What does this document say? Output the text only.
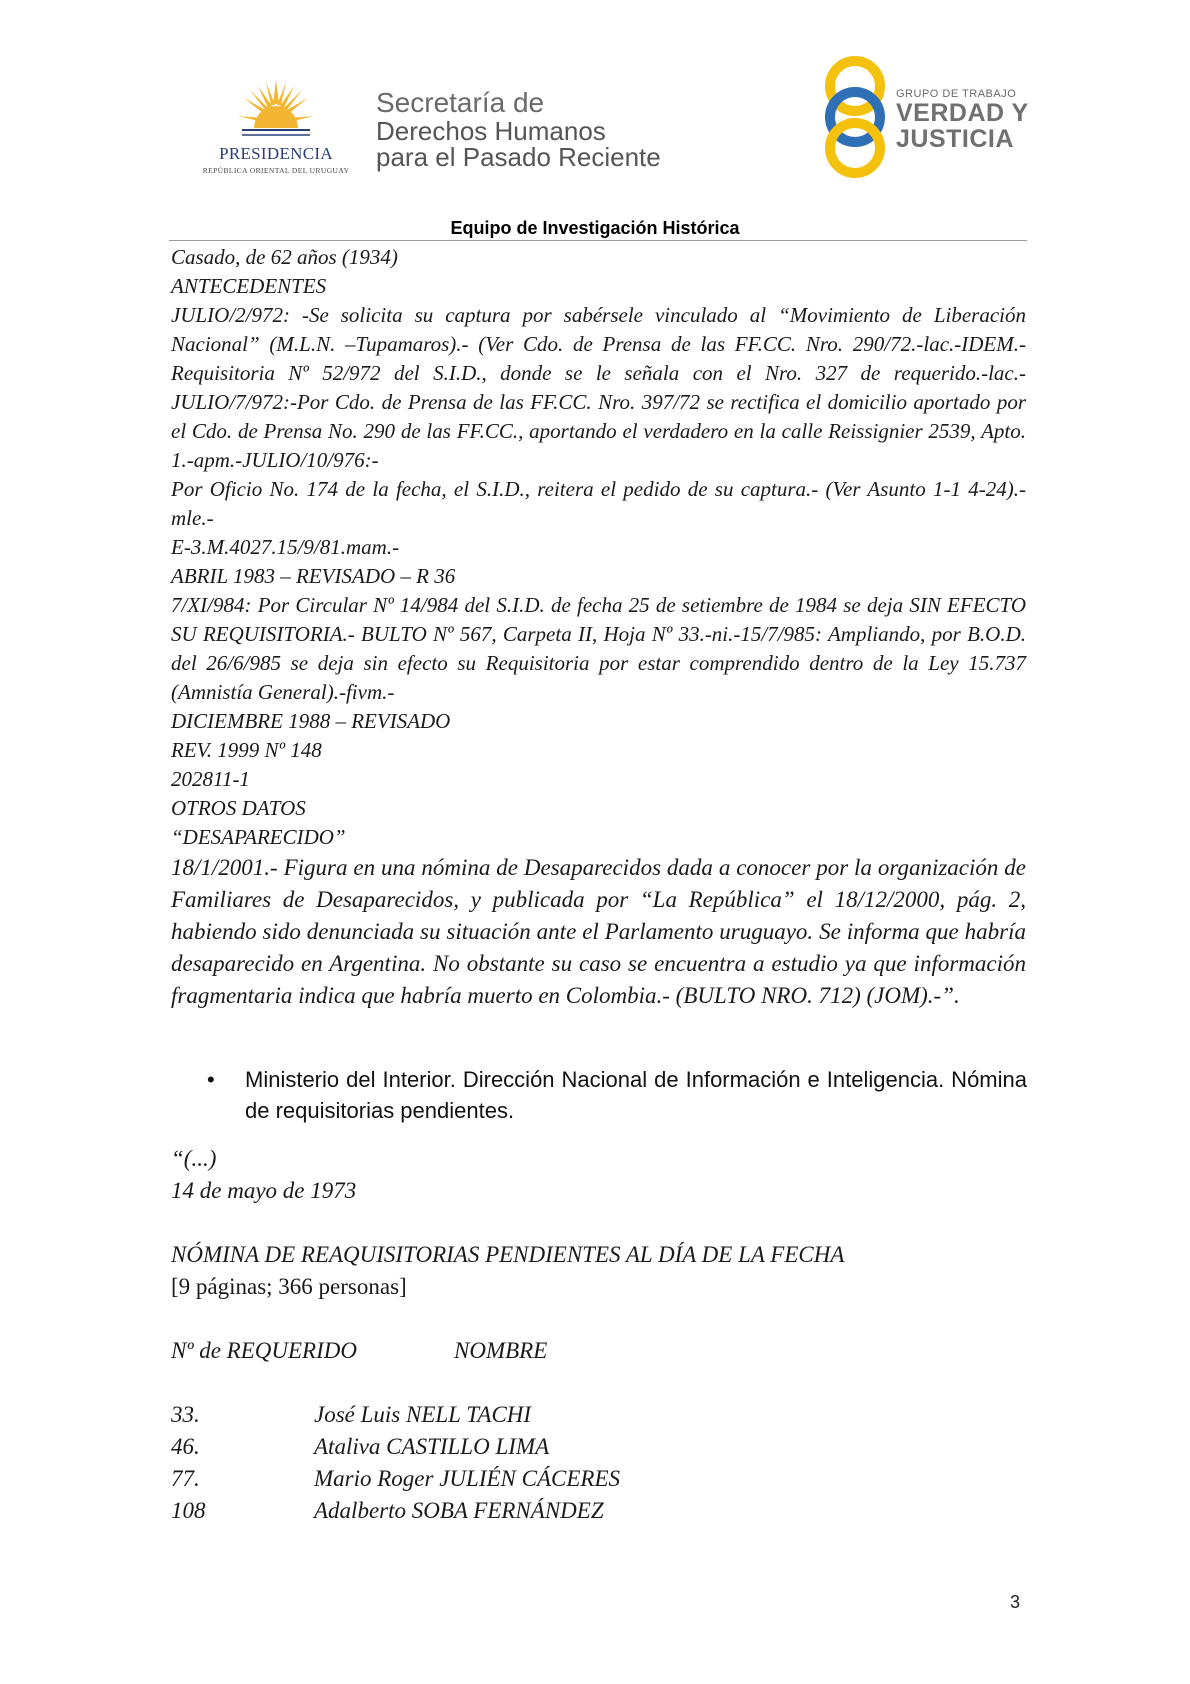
PRESIDENCIA
REPÚBLICA ORIENTAL DEL URUGUAY
Secretaría de
Derechos Humanos
para el Pasado Reciente
GRUPO DE TRABAJO
VERDAD Y
JUSTICIA
Equipo de Investigación Histórica

Casado, de 62 años (1934)

ANTECEDENTES

JULIO/2/972: -Se solicita su captura por sabérsele vinculado al “Movimiento de Liberación Nacional” (M.L.N. –Tupamaros).- (Ver Cdo. de Prensa de las FF.CC. Nro. 290/72.-lac.-IDEM.- Requisitoria Nº 52/972 del S.I.D., donde se le señala con el Nro. 327 de requerido.-lac.- JULIO/7/972:-Por Cdo. de Prensa de las FF.CC. Nro. 397/72 se rectifica el domicilio aportado por el Cdo. de Prensa No. 290 de las FF.CC., aportando el verdadero en la calle Reissignier 2539, Apto. 1.-apm.-JULIO/10/976:-

Por Oficio No. 174 de la fecha, el S.I.D., reitera el pedido de su captura.- (Ver Asunto 1-1 4-24).-mle.-

E-3.M.4027.15/9/81.mam.-

ABRIL 1983 – REVISADO – R 36

7/XI/984: Por Circular Nº 14/984 del S.I.D. de fecha 25 de setiembre de 1984 se deja SIN EFECTO SU REQUISITORIA.- BULTO Nº 567, Carpeta II, Hoja Nº 33.-ni.-15/7/985: Ampliando, por B.O.D. del 26/6/985 se deja sin efecto su Requisitoria por estar comprendido dentro de la Ley 15.737 (Amnistía General).-fivm.-

DICIEMBRE 1988 – REVISADO

REV. 1999 Nº 148

202811-1

OTROS DATOS

“DESAPARECIDO”

18/1/2001.- Figura en una nómina de Desaparecidos dada a conocer por la organización de Familiares de Desaparecidos, y publicada por “La República” el 18/12/2000, pág. 2, habiendo sido denunciada su situación ante el Parlamento uruguayo. Se informa que habría desaparecido en Argentina. No obstante su caso se encuentra a estudio ya que información fragmentaria indica que habría muerto en Colombia.- (BULTO NRO. 712) (JOM).-”.

• Ministerio del Interior. Dirección Nacional de Información e Inteligencia. Nómina de requisitorias pendientes.
“(...)
14 de mayo de 1973
NÓMINA DE REAQUISITORIAS PENDIENTES AL DÍA DE LA FECHA
[9 páginas; 366 personas]
Nº de REQUERIDO	NOMBRE
33.	José Luis NELL TACHI
46.	Ataliva CASTILLO LIMA
77.	Mario Roger JULIÉN CÁCERES
108	Adalberto SOBA FERNÁNDEZ
3
